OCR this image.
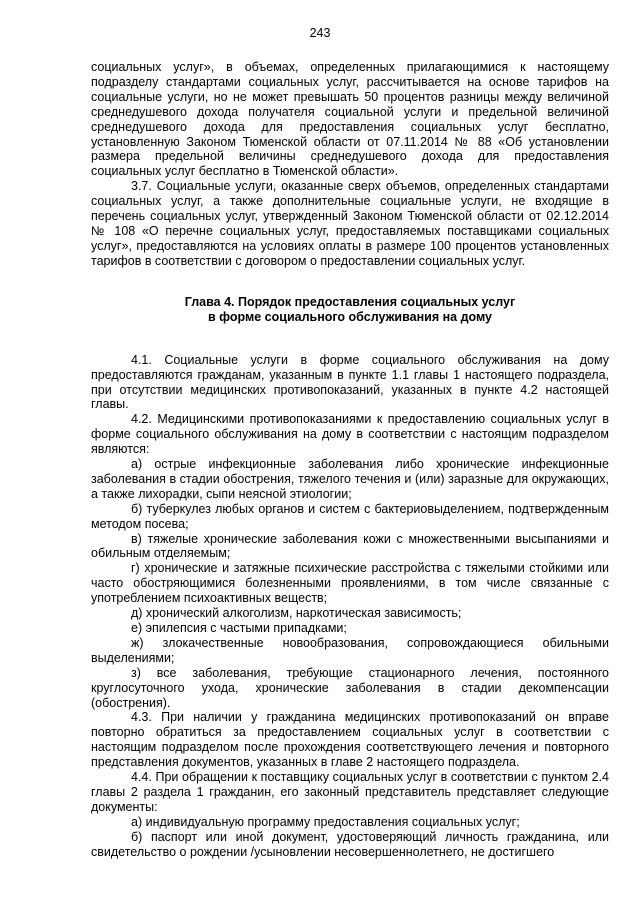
243

социальных услуг», в объемах, определенных прилагающимися к настоящему подразделу стандартами социальных услуг, рассчитывается на основе тарифов на социальные услуги, но не может превышать 50 процентов разницы между величиной среднедушевого дохода получателя социальной услуги и предельной величиной среднедушевого дохода для предоставления социальных услуг бесплатно, установленную Законом Тюменской области от 07.11.2014 № 88 «Об установлении размера предельной величины среднедушевого дохода для предоставления социальных услуг бесплатно в Тюменской области».

3.7. Социальные услуги, оказанные сверх объемов, определенных стандартами социальных услуг, а также дополнительные социальные услуги, не входящие в перечень социальных услуг, утвержденный Законом Тюменской области от 02.12.2014 № 108 «О перечне социальных услуг, предоставляемых поставщиками социальных услуг», предоставляются на условиях оплаты в размере 100 процентов установленных тарифов в соответствии с договором о предоставлении социальных услуг.

Глава 4. Порядок предоставления социальных услуг
в форме социального обслуживания на дому

4.1. Социальные услуги в форме социального обслуживания на дому предоставляются гражданам, указанным в пункте 1.1 главы 1 настоящего подраздела, при отсутствии медицинских противопоказаний, указанных в пункте 4.2 настоящей главы.

4.2. Медицинскими противопоказаниями к предоставлению социальных услуг в форме социального обслуживания на дому в соответствии с настоящим подразделом являются:

а) острые инфекционные заболевания либо хронические инфекционные заболевания в стадии обострения, тяжелого течения и (или) заразные для окружающих, а также лихорадки, сыпи неясной этиологии;

б) туберкулез любых органов и систем с бактериовыделением, подтвержденным методом посева;

в) тяжелые хронические заболевания кожи с множественными высыпаниями и обильным отделяемым;

г) хронические и затяжные психические расстройства с тяжелыми стойкими или часто обостряющимися болезненными проявлениями, в том числе связанные с употреблением психоактивных веществ;

д) хронический алкоголизм, наркотическая зависимость;

е) эпилепсия с частыми припадками;

ж) злокачественные новообразования, сопровождающиеся обильными выделениями;

з) все заболевания, требующие стационарного лечения, постоянного круглосуточного ухода, хронические заболевания в стадии декомпенсации (обострения).

4.3. При наличии у гражданина медицинских противопоказаний он вправе повторно обратиться за предоставлением социальных услуг в соответствии с настоящим подразделом после прохождения соответствующего лечения и повторного представления документов, указанных в главе 2 настоящего подраздела.

4.4. При обращении к поставщику социальных услуг в соответствии с пунктом 2.4 главы 2 раздела 1 гражданин, его законный представитель представляет следующие документы:

а) индивидуальную программу предоставления социальных услуг;

б) паспорт или иной документ, удостоверяющий личность гражданина, или свидетельство о рождении /усыновлении несовершеннолетнего, не достигшего
